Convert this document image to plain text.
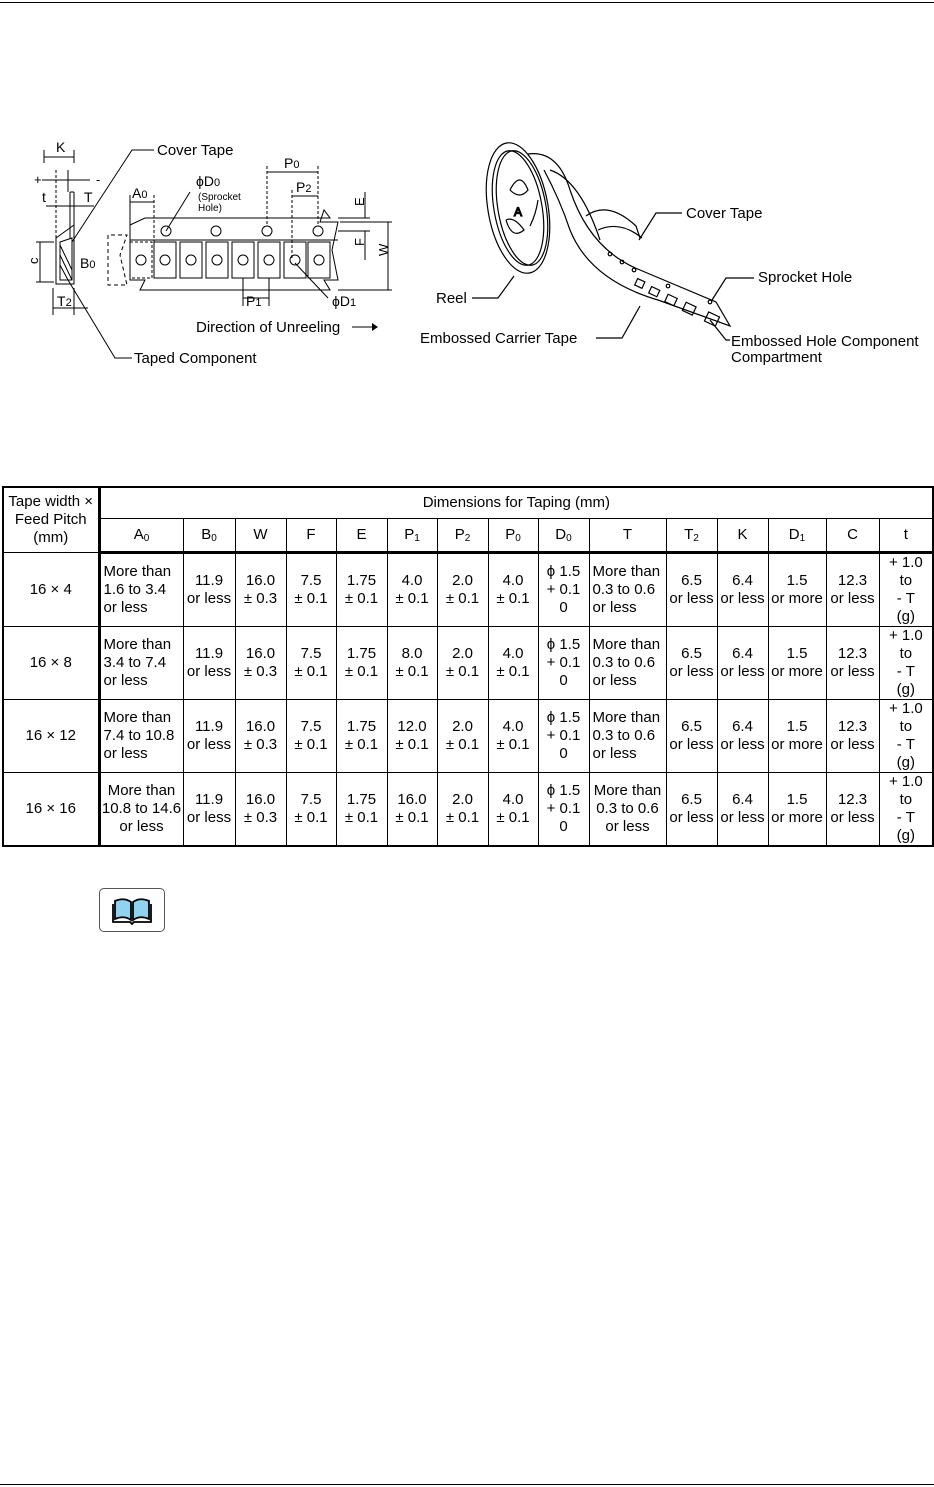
K
+	-
t	T
c	B0
T2
A0
ϕD0
(Sprocket
Hole)
P0
P2
E
F
W
P1	ϕD1
Cover Tape
Direction of Unreeling
Taped Component
A	Cover Tape
Sprocket Hole
Reel
Embossed Carrier Tape	Embossed Hole Component
Compartment
Tape width ×
Feed Pitch
(mm)	Dimensions for Taping (mm)														
	$A_0$	$B_0$	W	F	E	$P_1$	$P_2$	$P_0$	$D_0$	T	$T_2$	K	$D_1$	C	t
16 × 4	More than
1.6 to 3.4
or less	11.9
or less	16.0
± 0.3	7.5
± 0.1	1.75
± 0.1	4.0
± 0.1	2.0
± 0.1	4.0
± 0.1	ϕ 1.5
+ 0.1
0	More than
0.3 to 0.6
or less	6.5
or less	6.4
or less	1.5
or more	12.3
or less	+ 1.0
to
- T
(g)

16 × 8	More than
3.4 to 7.4
or less	11.9
or less	16.0
± 0.3	7.5
± 0.1	1.75
± 0.1	8.0
± 0.1	2.0
± 0.1	4.0
± 0.1	ϕ 1.5
+ 0.1
0	More than
0.3 to 0.6
or less	6.5
or less	6.4
or less	1.5
or more	12.3
or less	+ 1.0
to
- T
(g)

16 × 12	More than
7.4 to 10.8
or less	11.9
or less	16.0
± 0.3	7.5
± 0.1	1.75
± 0.1	12.0
± 0.1	2.0
± 0.1	4.0
± 0.1	ϕ 1.5
+ 0.1
0	More than
0.3 to 0.6
or less	6.5
or less	6.4
or less	1.5
or more	12.3
or less	+ 1.0
to
- T
(g)

16 × 16	More than
10.8 to 14.6
or less	11.9
or less	16.0
± 0.3	7.5
± 0.1	1.75
± 0.1	16.0
± 0.1	2.0
± 0.1	4.0
± 0.1	ϕ 1.5
+ 0.1
0	More than
0.3 to 0.6
or less	6.5
or less	6.4
or less	1.5
or more	12.3
or less	+ 1.0
to
- T
(g)
